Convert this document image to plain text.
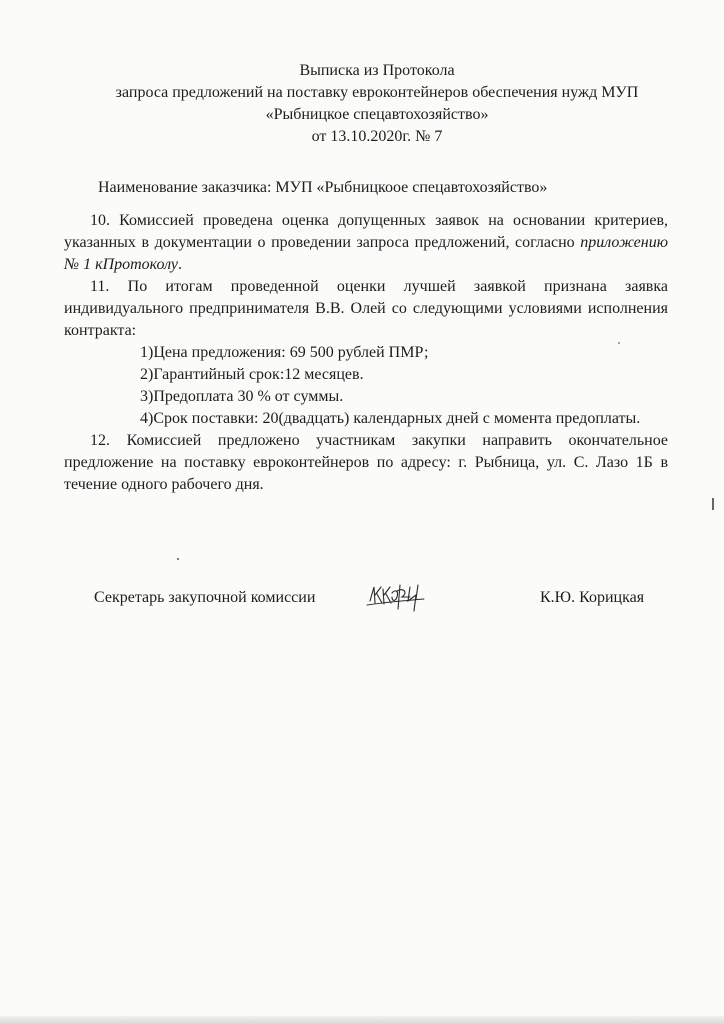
Выписка из Протокола
запроса предложений на поставку евроконтейнеров обеспечения нужд МУП
«Рыбницкое спецавтохозяйство»
от 13.10.2020г. № 7
Наименование заказчика: МУП «Рыбницкоое спецавтохозяйство»

10. Комиссией проведена оценка допущенных заявок на основании критериев, указанных в документации о проведении запроса предложений, согласно приложению № 1 кПротоколу.

11. По итогам проведенной оценки лучшей заявкой признана заявка индивидуального предпринимателя В.В. Олей со следующими условиями исполнения контракта:

1)Цена предложения: 69 500 рублей ПМР;

2)Гарантийный срок:12 месяцев.

3)Предоплата 30 % от суммы.

4)Срок поставки: 20(двадцать) календарных дней с момента предоплаты.

12. Комиссией предложено участникам закупки направить окончательное предложение на поставку евроконтейнеров по адресу: г. Рыбница, ул. С. Лазо 1Б в течение одного рабочего дня.

Секретарь закупочной комиссии	К.Ю. Корицкая
